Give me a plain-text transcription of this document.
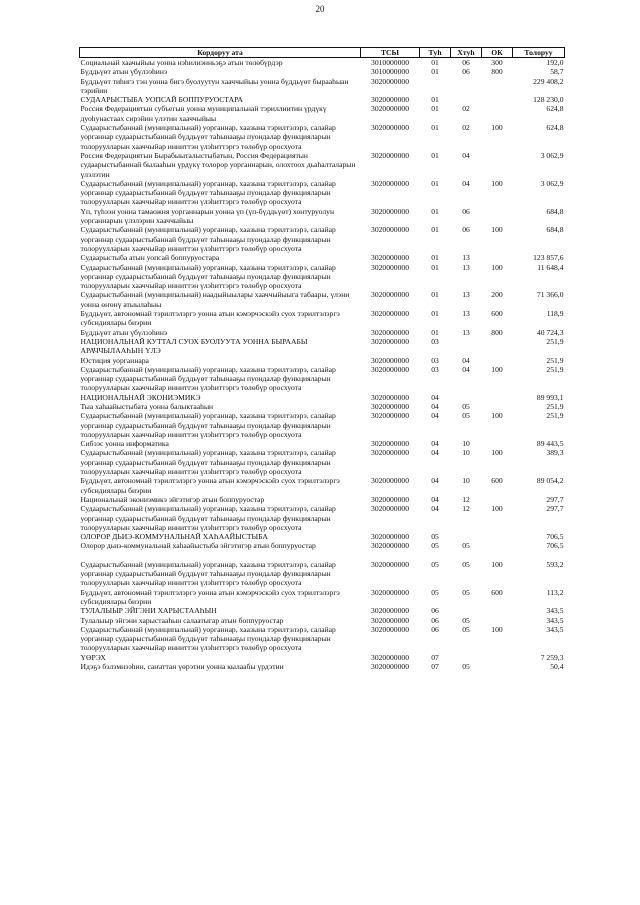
20
Кордоруу ата	ТСЫ	Тyh	Хтyh	ОК	Толоруу
Социальнай хаачыйыы уонна нэһилиэнньэҕэ атын төлөбүрдэр	3010000000	01	06	300	192,0
Бүддьүөт атын үбүлээһинэ	3010000000	01	06	800	58,7
Бүддьүөт тиһигэ тэн уонна бигэ буолуутун хааччыйыы уонна бүддьүөт бырааһыан тэрийии	3020000000				229 408,2
СУДААРЫСТЫБА УОПСАЙ БОППУРУОСТАРА	3020000000	01			128 230,0
Россия Федерациятын субъегын уонна муниципальнай тэриллиитин үрдүкү дуоһунастаах сирэйин үлэтин хааччыйыы	3020000000	01	02		624,8
Судаарыстыбаннай (муниципальнай) уорганнар, хаазына тэрилтэлэрэ, салайар уорганнар судаарыстыбаннай бүддьүөт таһынааҕы пуондалар функцияларын толоруулларын хааччыйар инниттэн үлэһиттэргэ төлөбүр оросхуота	3020000000	01	02	100	624,8
Россия Федерациятын Бырабыыталыстыбатын, Россия Федерациятын судаарыстыбаннай былааһын үрдүкү толорор уорганнарын, олохтоох дьаһалталарын үлэлэтин	3020000000	01	04		3 062,9
Судаарыстыбаннай (муниципальнай) уорганнар, хаазына тэрилтэлэрэ, салайар уорганнар судаарыстыбаннай бүддьүөт таһынааҕы пуондалар функцияларын толоруулларын хааччыйар инниттэн үлэһиттэргэ төлөбүр оросхуота	3020000000	01	04	100	3 062,9
Үп, түһээн уонна тамаожня уорганнарын уонна үп (үп-бүддьүөт) хонтуруолун уорганнарын үлэлэрин хааччыйыы	3020000000	01	06		684,8
Судаарыстыбаннай (муниципальнай) уорганнар, хаазына тэрилтэлэрэ, салайар уорганнар судаарыстыбаннай бүддьүөт таһынааҕы пуондалар функцияларын толоруулларын хааччыйар инниттэн үлэһиттэргэ төлөбүр оросхуота	3020000000	01	06	100	684,8
Судаарыстыба атын уопсай боппуруостара	3020000000	01	13		123 857,6
Судаарыстыбаннай (муниципальнай) уорганнар, хаазына тэрилтэлэрэ, салайар уорганнар судаарыстыбаннай бүддьүөт таһынааҕы пуондалар функцияларын толоруулларын хааччыйар инниттэн үлэһиттэргэ төлөбүр оросхуота	3020000000	01	13	100	11 648,4
Судаарыстыбаннай (муниципальнай) наадыйыылары хааччыйыыга табаары, үлэни уонна өҥөнү атыылаһыы	3020000000	01	13	200	71 366,0
Бүддьүөт, автономнай тэрилтэлэргэ уонна атын кэмэрчэскэйэ суох тэрилтэлэргэ субсидиялары биэрии	3020000000	01	13	600	118,9
Бүддьүөт атын үбүлээһинэ	3020000000	01	13	800	40 724,3
НАЦИОНАЛЬНАЙ КУТТАЛ СУОХ БУОЛУУТА УОННА БЫРААБЫ АРАЧЧЫЛААҺЫН ҮЛЭ	3020000000	03			251,9
Юстиция уорганнара	3020000000	03	04		251,9
Судаарыстыбаннай (муниципальнай) уорганнар, хаазына тэрилтэлэрэ, салайар уорганнар судаарыстыбаннай бүддьүөт таһынааҕы пуондалар функцияларын толоруулларын хааччыйар инниттэн үлэһиттэргэ төлөбүр оросхуота	3020000000	03	04	100	251,9
НАЦИОНАЛЬНАЙ ЭКОНИЭМИКЭ	3020000000	04			89 993,1
Тыа хаһаайыстыбата уонна балыктааһын	3020000000	04	05		251,9
Судаарыстыбаннай (муниципальнай) уорганнар, хаазына тэрилтэлэрэ, салайар уорганнар судаарыстыбаннай бүддьүөт таһынааҕы пуондалар функцияларын толоруулларын хааччыйар инниттэн үлэһиттэргэ төлөбүр оросхуота	3020000000	04	05	100	251,9
Сибээс уонна информатика	3020000000	04	10		89 443,5
Судаарыстыбаннай (муниципальнай) уорганнар, хаазына тэрилтэлэрэ, салайар уорганнар судаарыстыбаннай бүддьүөт таһынааҕы пуондалар функцияларын толоруулларын хааччыйар инниттэн үлэһиттэргэ төлөбүр оросхуота	3020000000	04	10	100	389,3
Бүддьүөт, автономнай тэрилтэлэргэ уонна атын кэмэрчэскэйэ суох тэрилтэлэргэ субсидиялары биэрии	3020000000	04	10	600	89 054,2
Национальнай экониэмикэ эйгэтигэр атын боппуруостар	3020000000	04	12		297,7
Судаарыстыбаннай (муниципальнай) уорганнар, хаазына тэрилтэлэрэ, салайар уорганнар судаарыстыбаннай бүддьүөт таһынааҕы пуондалар функцияларын толоруулларын хааччыйар инниттэн үлэһиттэргэ төлөбүр оросхуота	3020000000	04	12	100	297,7
ОЛОРОР ДЬИЭ-КОММУНАЛЬНАЙ ХАҺААЙЫСТЫБА	3020000000	05			706,5
Олорор дьиэ-коммунальнай хаһаайыстыба эйгэтигэр атын боппуруостар	3020000000	05	05		706,5

Судаарыстыбаннай (муниципальнай) уорганнар, хаазына тэрилтэлэрэ, салайар уорганнар судаарыстыбаннай бүддьүөт таһынааҕы пуондалар функцияларын толоруулларын хааччыйар инниттэн үлэһиттэргэ төлөбүр оросхуота	3020000000	05	05	100	593,2
Бүддьүөт, автономнай тэрилтэлэргэ уонна атын кэмэрчэскэйэ суох тэрилтэлэргэ субсидиялары биэрии	3020000000	05	05	600	113,2
ТУЛАЛЫЫР ЭЙГЭНИ ХАРЫСТААҺЫН	3020000000	06			343,5
Тулалыыр эйгэни харыстааһын салаатыгар атын боппуруостар	3020000000	06	05		343,5
Судаарыстыбаннай (муниципальнай) уорганнар, хаазына тэрилтэлэрэ, салайар уорганнар судаарыстыбаннай бүддьүөт таһынааҕы пуондалар функцияларын толоруулларын хааччыйар инниттэн үлэһиттэргэ төлөбүр оросхуота	3020000000	06	05	100	343,5
ҮӨРЭХ	3020000000	07			7 259,3
Идэҕэ бэлэмнээһин, саҥаттан үөрэтии уонна кылаабы үрдэтии	3020000000	07	05		50,4
